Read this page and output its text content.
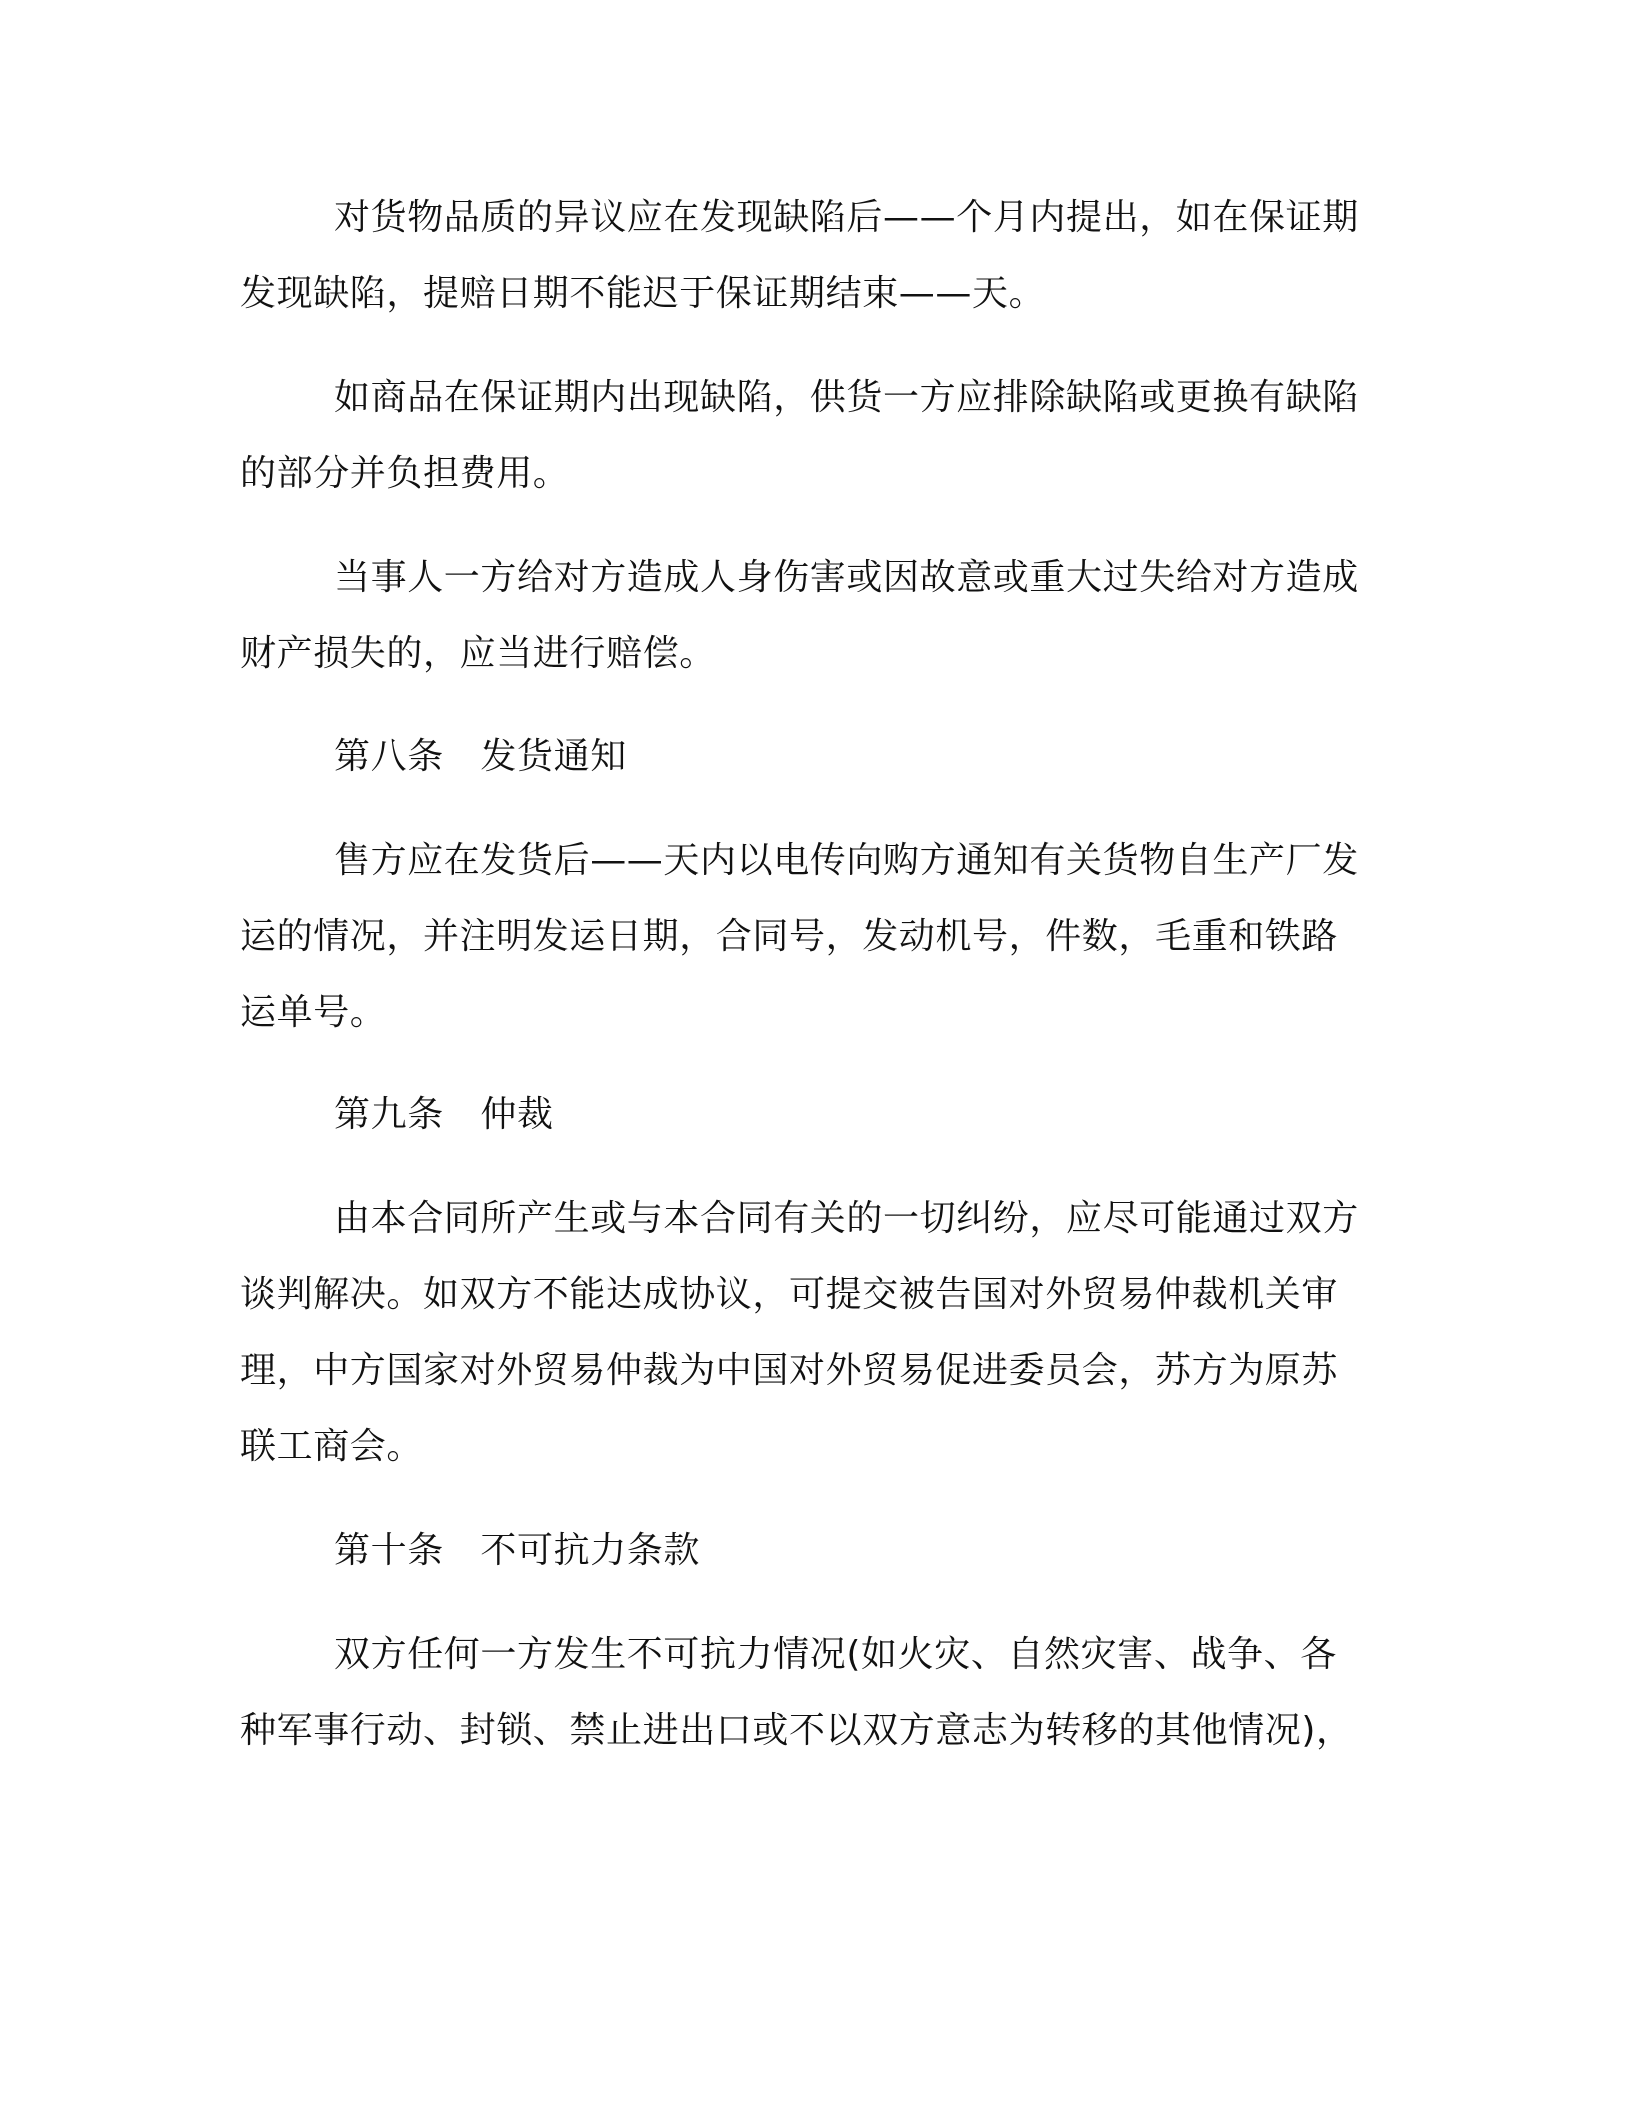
对货物品质的异议应在发现缺陷后——个月内提出，如在保证期
发现缺陷，提赔日期不能迟于保证期结束——天。
如商品在保证期内出现缺陷，供货一方应排除缺陷或更换有缺陷
的部分并负担费用。
当事人一方给对方造成人身伤害或因故意或重大过失给对方造成
财产损失的，应当进行赔偿。
第八条　发货通知
售方应在发货后——天内以电传向购方通知有关货物自生产厂发
运的情况，并注明发运日期，合同号，发动机号，件数，毛重和铁路
运单号。
第九条　仲裁
由本合同所产生或与本合同有关的一切纠纷，应尽可能通过双方
谈判解决。如双方不能达成协议，可提交被告国对外贸易仲裁机关审
理，中方国家对外贸易仲裁为中国对外贸易促进委员会，苏方为原苏
联工商会。
第十条　不可抗力条款
双方任何一方发生不可抗力情况(如火灾、自然灾害、战争、各
种军事行动、封锁、禁止进出口或不以双方意志为转移的其他情况)，
